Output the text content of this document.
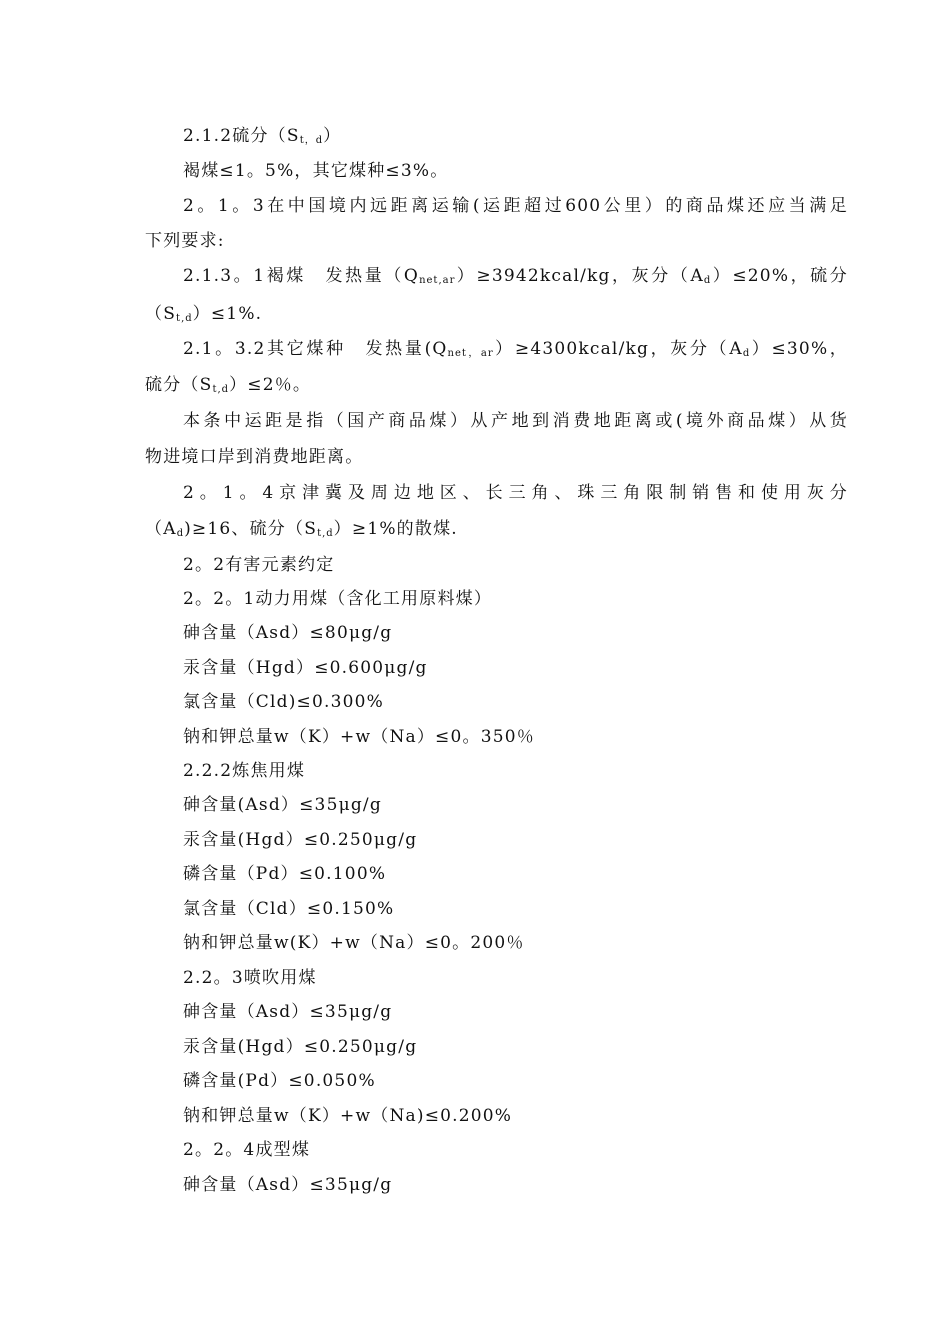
2.1.2硫分$(S_{t,d})$
褐煤≤1。5%，其它煤种≤3%。
2。1。3在中国境内远距离运输(运距超过600公里）的商品煤还应当满足
下列要求:
2.1.3。1褐煤　发热量$(Q_{net,ar})\ge 3942kcal/kg$，灰分$(A_d)\le 20\%$，硫分
$(S_{t,d})\le 1\%$.
2.1。3.2其它煤种　发热量$(Q_{net,ar})\ge 4300kcal/kg$，灰分$(A_d)\le 30\%$，
硫分$(S_{t,d})\le 2$％。
本条中运距是指（国产商品煤）从产地到消费地距离或(境外商品煤）从货
物进境口岸到消费地距离。
2。1。4京津冀及周边地区、长三角、珠三角限制销售和使用灰分
$(A_d)\ge 16$、硫分$(S_{t,d})\ge 1\%$的散煤.
2。2有害元素约定
2。2。1动力用煤（含化工用原料煤）
砷含量（Asd）≤80μg/g
汞含量（Hgd）≤0.600μg/g
氯含量（Cld)≤0.300%
钠和钾总量w（K）+w（Na）≤0。350％
2.2.2炼焦用煤
砷含量(Asd）≤35μg/g
汞含量(Hgd）≤0.250μg/g
磷含量（Pd）≤0.100%
氯含量（Cld）≤0.150%
钠和钾总量w(K）+w（Na）≤0。200％
2.2。3喷吹用煤
砷含量（Asd）≤35μg/g
汞含量(Hgd）≤0.250μg/g
磷含量(Pd）≤0.050%
钠和钾总量w（K）+w（Na)≤0.200%
2。2。4成型煤
砷含量（Asd）≤35μg/g
